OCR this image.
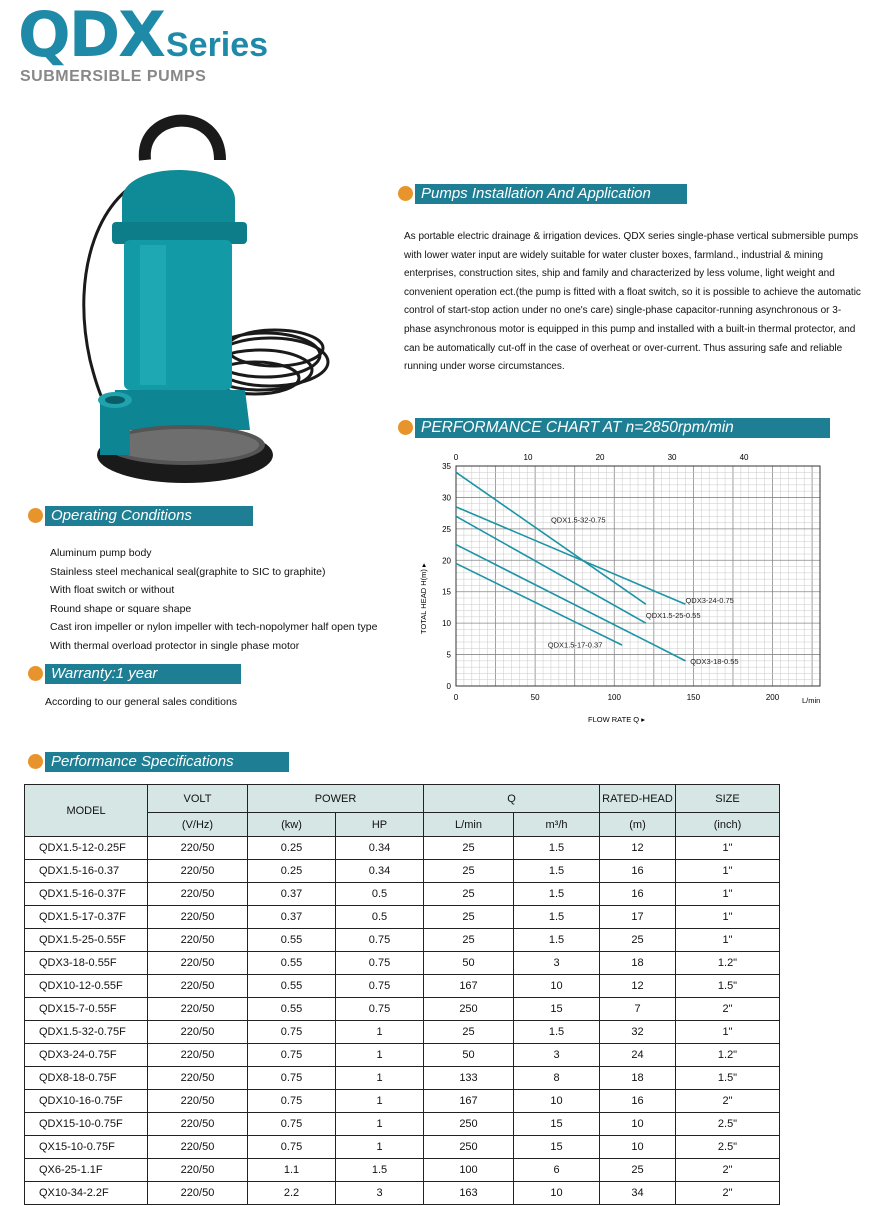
QDXSeries
SUBMERSIBLE PUMPS
Pumps Installation And Application
As portable electric drainage & irrigation devices. QDX series single-phase vertical submersible pumps with lower water input are widely suitable for water cluster boxes, farmland., industrial & mining enterprises, construction sites, ship and family and characterized by less volume, light weight and convenient operation ect.(the pump is fitted with a float switch, so it is possible to achieve the automatic control of start-stop action under no one's care) single-phase capacitor-running asynchronous or 3-phase asynchronous motor is equipped in this pump and installed with a built-in thermal protector, and can be automatically cut-off in the case of overheat or over-current. Thus assuring safe and reliable running under worse circumstances.
PERFORMANCE CHART AT n=2850rpm/min
0	50	100	150	200
0	10	20	30	40
0
5
10
15
20
25
30
35
QDX1.5-32-0.75
QDX3-24-0.75
QDX1.5-25-0.55
QDX3-18-0.55
QDX1.5-17-0.37
TOTAL HEAD H(m) ▸
FLOW RATE Q ▸
L/min
Operating Conditions
Aluminum pump body
Stainless steel mechanical seal(graphite to SIC to graphite)
With float switch or without
Round shape or square shape
Cast iron impeller or nylon impeller with tech-nopolymer half open type
With thermal overload protector in single phase motor
Warranty:1 year
According to our general sales conditions
Performance Specifications
MODEL	VOLT	POWER		Q		RATED-HEAD	SIZE
	(V/Hz)	(kw)	HP	L/min	m³/h	(m)	(inch)
QDX1.5-12-0.25F	220/50	0.25	0.34	25	1.5	12	1"
QDX1.5-16-0.37	220/50	0.25	0.34	25	1.5	16	1"
QDX1.5-16-0.37F	220/50	0.37	0.5	25	1.5	16	1"
QDX1.5-17-0.37F	220/50	0.37	0.5	25	1.5	17	1"
QDX1.5-25-0.55F	220/50	0.55	0.75	25	1.5	25	1"
QDX3-18-0.55F	220/50	0.55	0.75	50	3	18	1.2"
QDX10-12-0.55F	220/50	0.55	0.75	167	10	12	1.5"
QDX15-7-0.55F	220/50	0.55	0.75	250	15	7	2"
QDX1.5-32-0.75F	220/50	0.75	1	25	1.5	32	1"
QDX3-24-0.75F	220/50	0.75	1	50	3	24	1.2"
QDX8-18-0.75F	220/50	0.75	1	133	8	18	1.5"
QDX10-16-0.75F	220/50	0.75	1	167	10	16	2"
QDX15-10-0.75F	220/50	0.75	1	250	15	10	2.5"
QX15-10-0.75F	220/50	0.75	1	250	15	10	2.5"
QX6-25-1.1F	220/50	1.1	1.5	100	6	25	2"
QX10-34-2.2F	220/50	2.2	3	163	10	34	2"
